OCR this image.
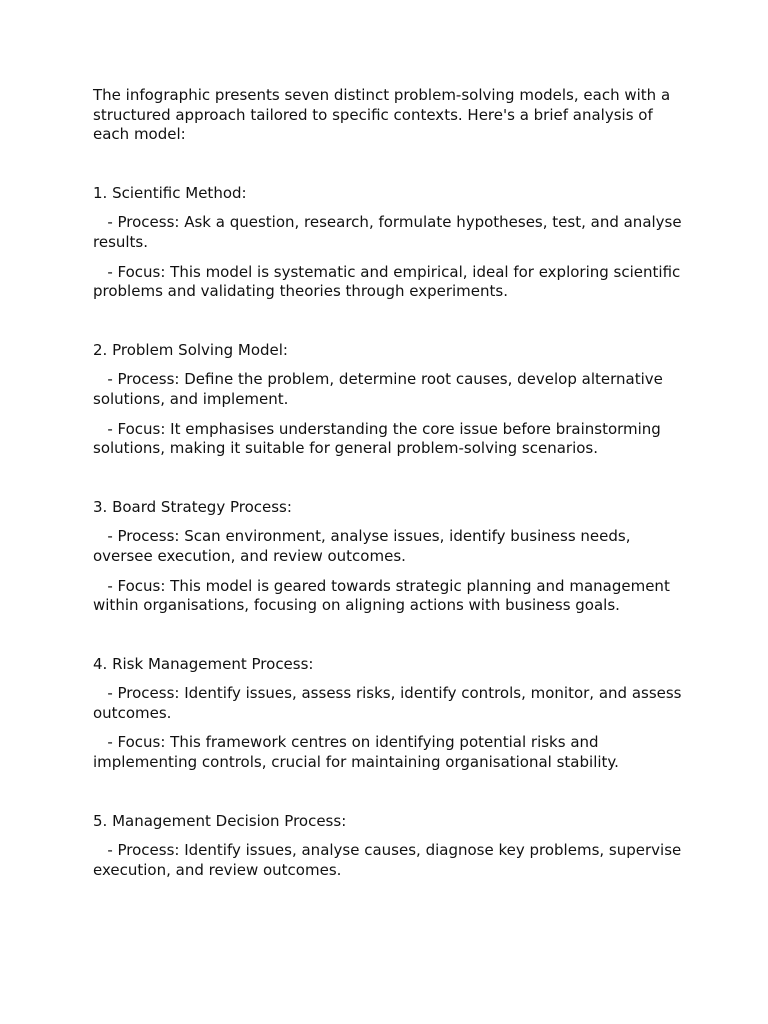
The infographic presents seven distinct problem-solving models, each with a structured approach tailored to specific contexts. Here's a brief analysis of each model:

1. Scientific Method:

- Process: Ask a question, research, formulate hypotheses, test, and analyse results.

- Focus: This model is systematic and empirical, ideal for exploring scientific problems and validating theories through experiments.

2. Problem Solving Model:

- Process: Define the problem, determine root causes, develop alternative solutions, and implement.

- Focus: It emphasises understanding the core issue before brainstorming solutions, making it suitable for general problem-solving scenarios.

3. Board Strategy Process:

- Process: Scan environment, analyse issues, identify business needs, oversee execution, and review outcomes.

- Focus: This model is geared towards strategic planning and management within organisations, focusing on aligning actions with business goals.

4. Risk Management Process:

- Process: Identify issues, assess risks, identify controls, monitor, and assess outcomes.

- Focus: This framework centres on identifying potential risks and implementing controls, crucial for maintaining organisational stability.

5. Management Decision Process:

- Process: Identify issues, analyse causes, diagnose key problems, supervise execution, and review outcomes.
